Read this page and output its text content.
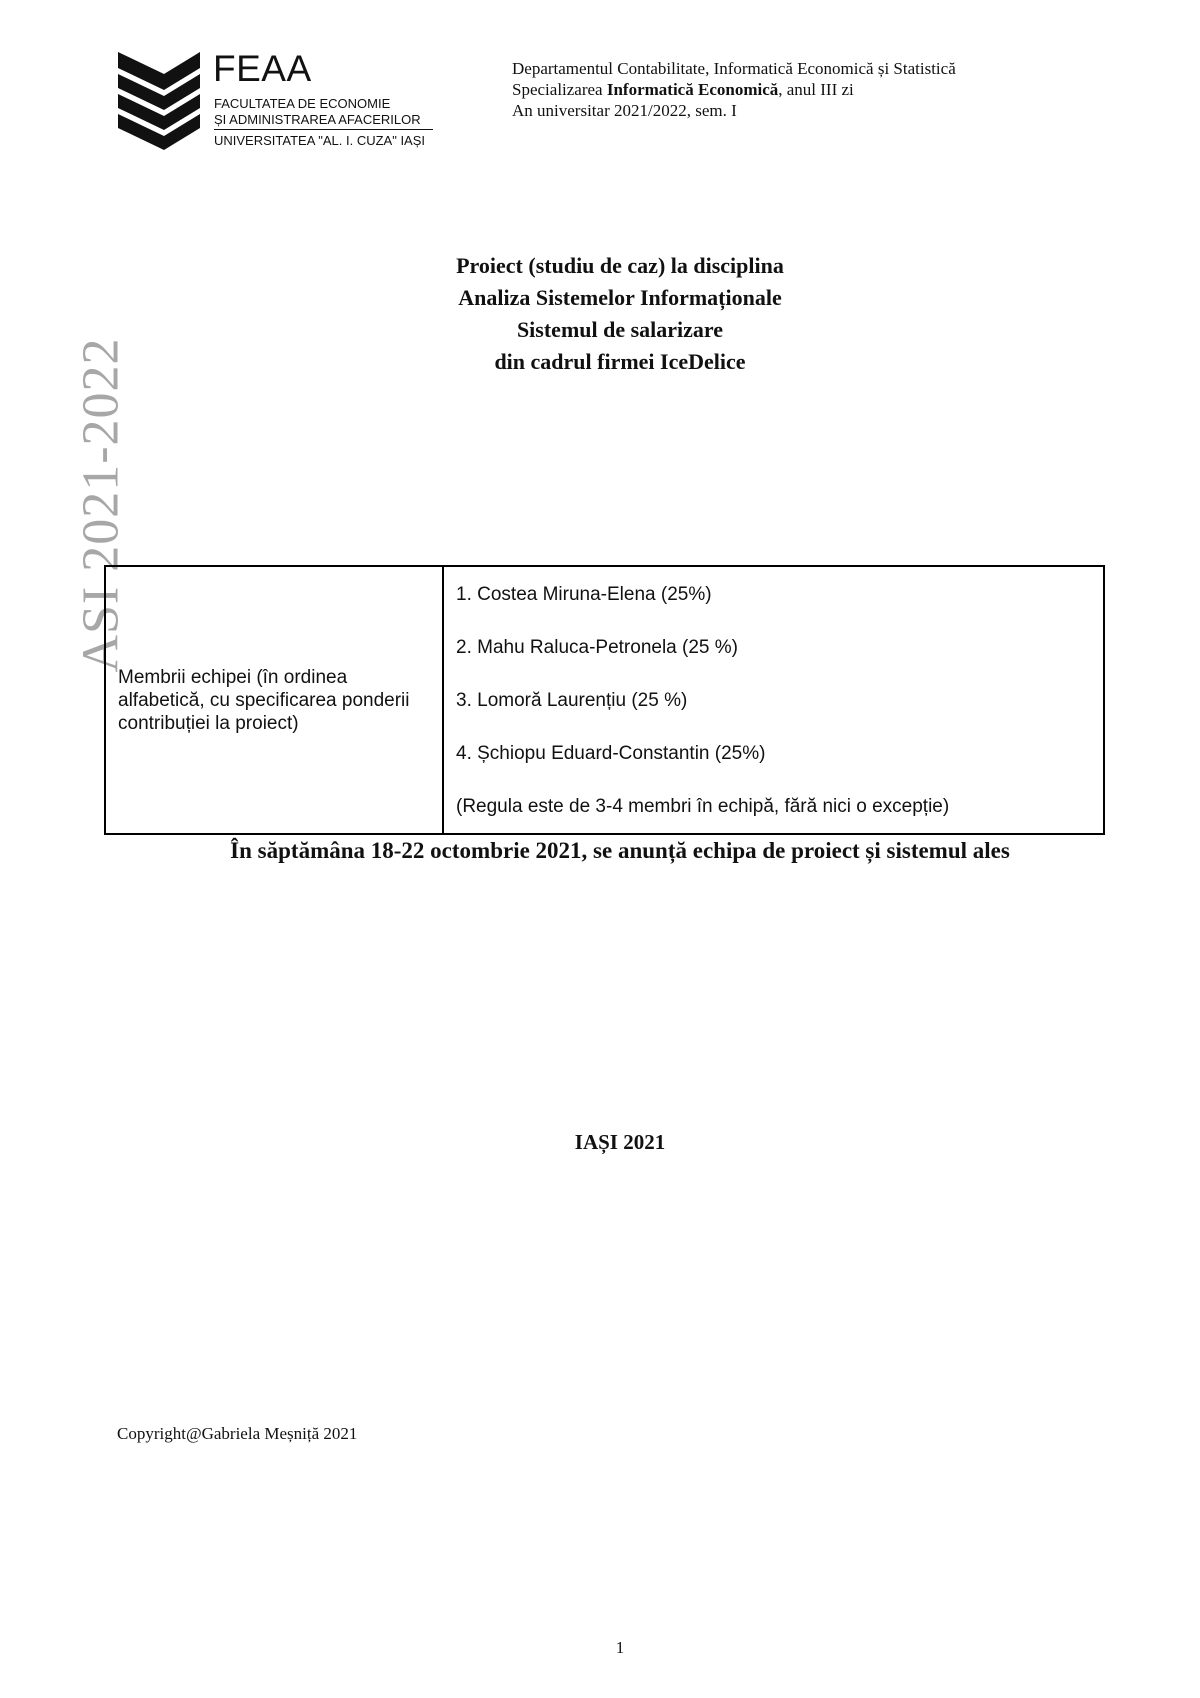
FEAA
FACULTATEA DE ECONOMIE
ȘI ADMINISTRAREA AFACERILOR
UNIVERSITATEA "AL. I. CUZA" IAȘI
Departamentul Contabilitate, Informatică Economică și Statistică
Specializarea Informatică Economică, anul III zi
An universitar 2021/2022, sem. I
ASI 2021-2022
Proiect (studiu de caz) la disciplina
Analiza Sistemelor Informaționale
Sistemul de salarizare
din cadrul firmei IceDelice
Membrii echipei (în ordinea alfabetică, cu specificarea ponderii contribuției la proiect)	
1. Costea Miruna-Elena (25%)
2. Mahu Raluca-Petronela (25 %)
3. Lomoră Laurențiu (25 %)
4. Șchiopu Eduard-Constantin (25%)
(Regula este de 3-4 membri în echipă, fără nici o excepție)
În săptămâna 18-22 octombrie 2021, se anunță echipa de proiect și sistemul ales
IAȘI 2021
Copyright@Gabriela Meșniță 2021
1
